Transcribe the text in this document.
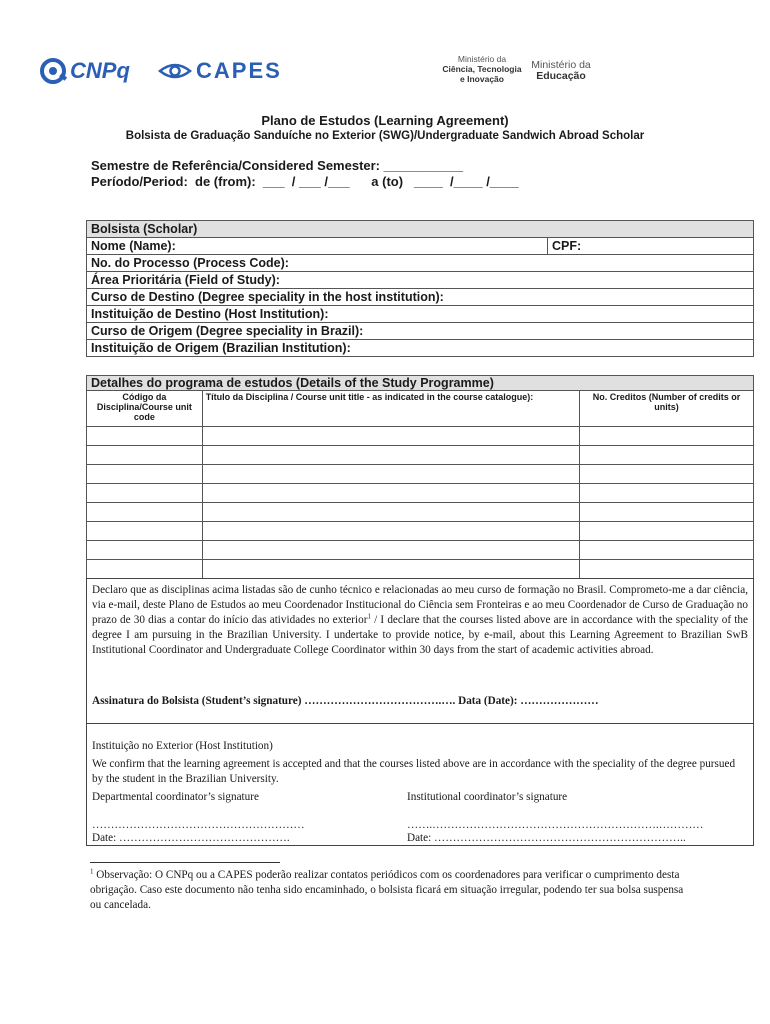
CNPq	CAPES	Ministério da
Ciência, Tecnologia
e Inovação
Ministério da
Educação
Plano de Estudos (Learning Agreement)
Bolsista de Graduação Sanduíche no Exterior (SWG)/Undergraduate Sandwich Abroad Scholar
Semestre de Referência/Considered Semester: ___________
Período/Period:  de (from):  ___  / ___ /___      a (to)   ____  /____ /____
Bolsista (Scholar)
Nome (Name):	CPF:
No. do Processo (Process Code):
Área Prioritária (Field of Study):
Curso de Destino (Degree speciality in the host institution):
Instituição de Destino (Host Institution):
Curso de Origem (Degree speciality in Brazil):
Instituição de Origem (Brazilian Institution):
Detalhes do programa de estudos (Details of the Study Programme)		
Código da Disciplina/Course unit code	Título da Disciplina / Course unit title - as indicated in the course catalogue):	No. Creditos (Number of credits or units)

Declaro que as disciplinas acima listadas são de cunho técnico e relacionadas ao meu curso de formação no Brasil. Comprometo-me a dar ciência, via e-mail, deste Plano de Estudos ao meu Coordenador Institucional do Ciência sem Fronteiras e ao meu Coordenador de Curso de Graduação no prazo de 30 dias a contar do início das atividades no exterior$^1$ / I declare that the courses listed above are in accordance with the speciality of the degree I am pursuing in the Brazilian University. I undertake to provide notice, by e-mail, about this Learning Agreement to Brazilian SwB Institutional Coordinator and Undergraduate College Coordinator within 30 days from the start of academic activities abroad.
Assinatura do Bolsista (Student’s signature) ……………………………….…. Data (Date): …………………
Instituição no Exterior (Host Institution)
We confirm that the learning agreement is accepted and that the courses listed above are in accordance with the speciality of the degree pursued by the student in the Brazilian University.
Departmental coordinator’s signature	Institutional coordinator’s signature
…………………………………………………	…….…………………………………………………….…………
Date: ……………………………………….	Date: …………………………………………………………..
$^1$ Observação: O CNPq ou a CAPES poderão realizar contatos periódicos com os coordenadores para verificar o cumprimento desta obrigação. Caso este documento não tenha sido encaminhado, o bolsista ficará em situação irregular, podendo ter sua bolsa suspensa ou cancelada.
